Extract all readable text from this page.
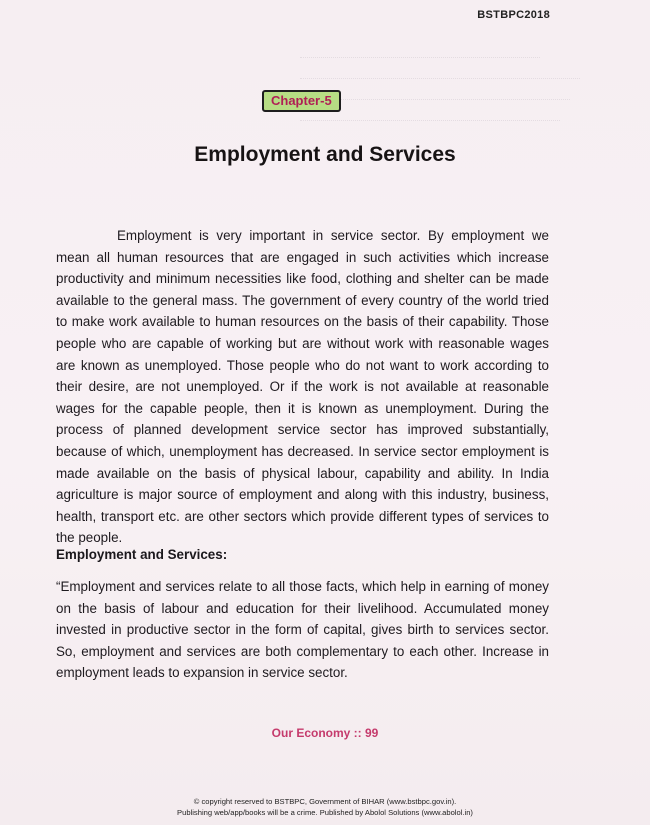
BSTBPC2018
Chapter-5
Employment and Services
Employment is very important in service sector. By employment we mean all human resources that are engaged in such activities which increase productivity and minimum necessities like food, clothing and shelter can be made available to the general mass. The government of every country of the world tried to make work available to human resources on the basis of their capability. Those people who are capable of working but are without work with reasonable wages are known as unemployed. Those people who do not want to work according to their desire, are not unemployed. Or if the work is not available at reasonable wages for the capable people, then it is known as unemployment. During the process of planned development service sector has improved substantially, because of which, unemployment has decreased. In service sector employment is made available on the basis of physical labour, capability and ability. In India agriculture is major source of employment and along with this industry, business, health, transport etc. are other sectors which provide different types of services to the people.
Employment and Services:
“Employment and services relate to all those facts, which help in earning of money on the basis of labour and education for their livelihood. Accumulated money invested in productive sector in the form of capital, gives birth to services sector. So, employment and services are both complementary to each other. Increase in employment leads to expansion in service sector.
Our Economy :: 99
© copyright reserved to BSTBPC, Government of BIHAR (www.bstbpc.gov.in).
Publishing web/app/books will be a crime. Published by Abolol Solutions (www.abolol.in)
